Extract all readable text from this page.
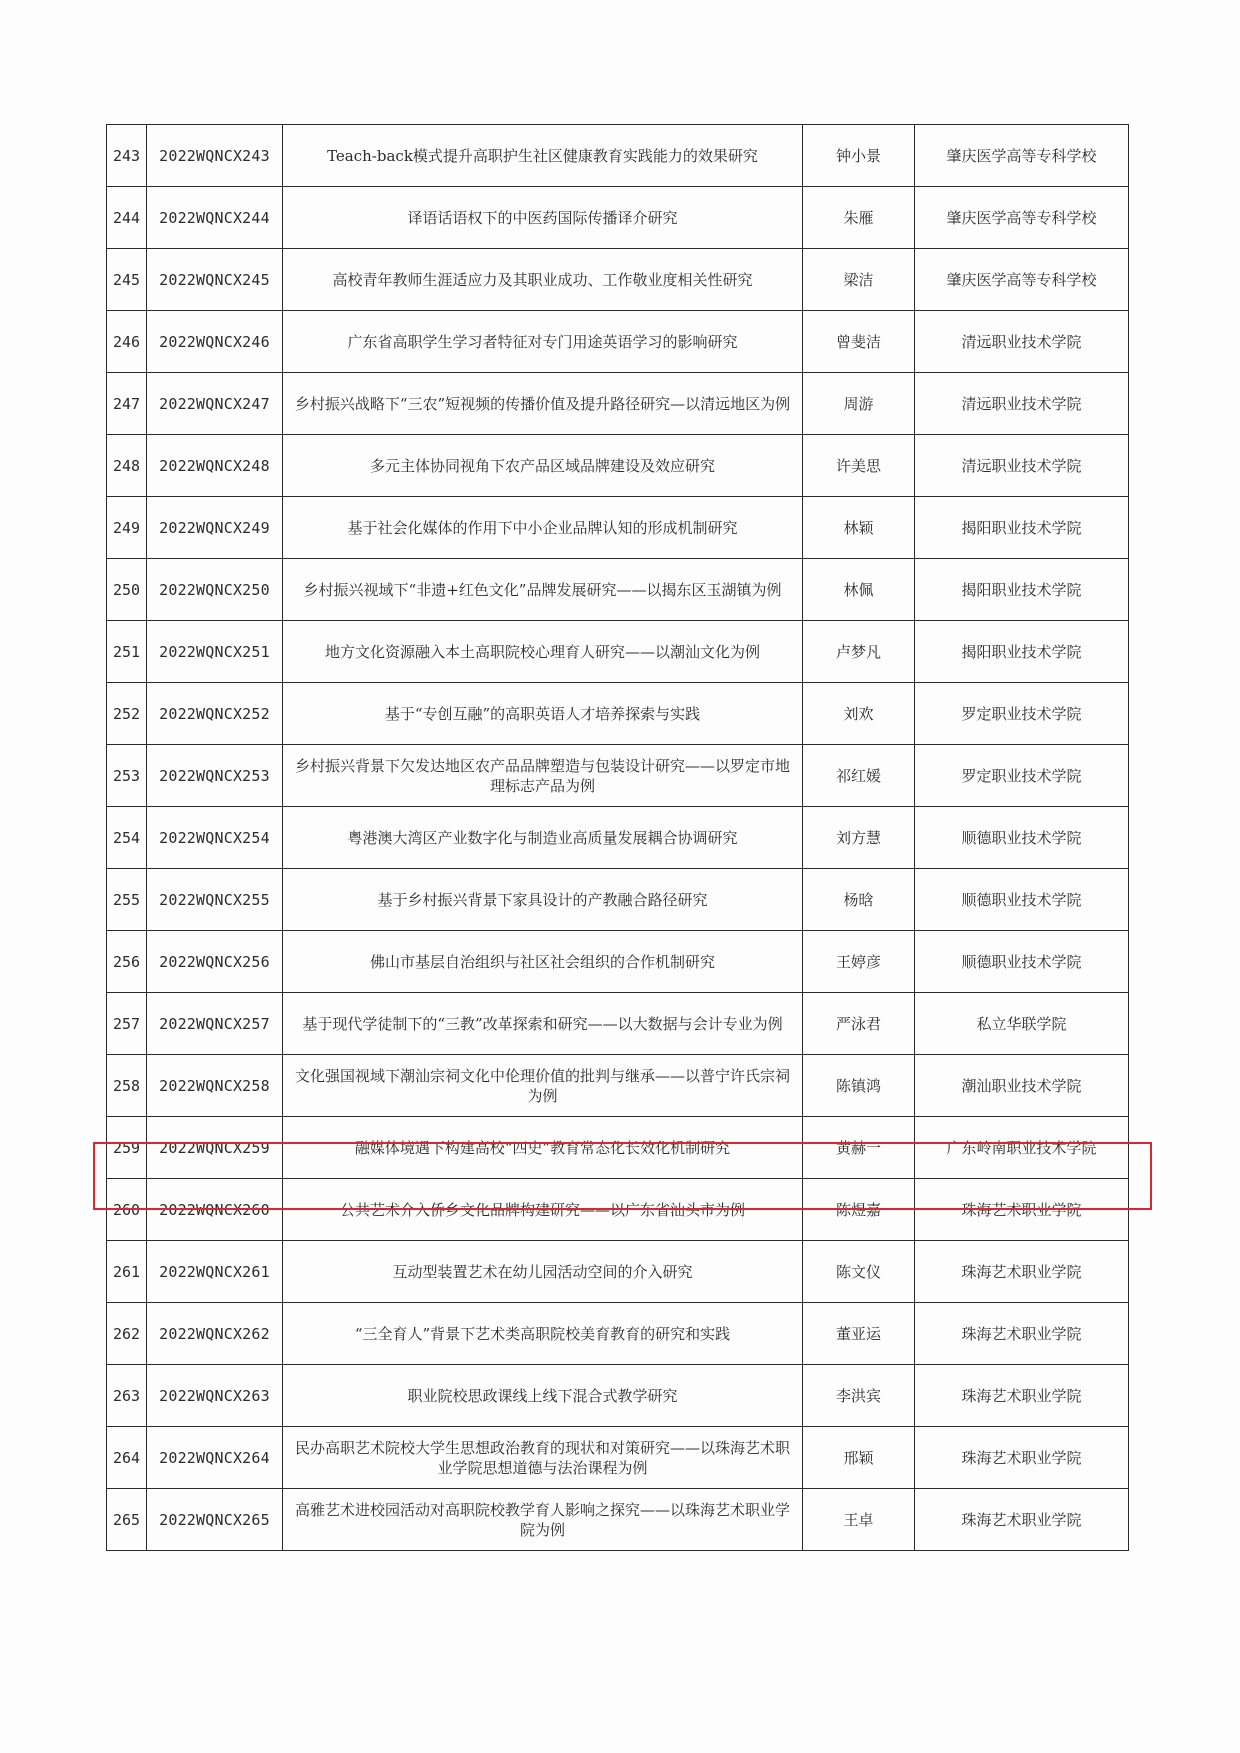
243	2022WQNCX243	Teach-back模式提升高职护生社区健康教育实践能力的效果研究	钟小景	肇庆医学高等专科学校
244	2022WQNCX244	译语话语权下的中医药国际传播译介研究	朱雁	肇庆医学高等专科学校
245	2022WQNCX245	高校青年教师生涯适应力及其职业成功、工作敬业度相关性研究	梁洁	肇庆医学高等专科学校
246	2022WQNCX246	广东省高职学生学习者特征对专门用途英语学习的影响研究	曾斐洁	清远职业技术学院
247	2022WQNCX247	乡村振兴战略下“三农”短视频的传播价值及提升路径研究—以清远地区为例	周游	清远职业技术学院
248	2022WQNCX248	多元主体协同视角下农产品区域品牌建设及效应研究	许美思	清远职业技术学院
249	2022WQNCX249	基于社会化媒体的作用下中小企业品牌认知的形成机制研究	林颖	揭阳职业技术学院
250	2022WQNCX250	乡村振兴视域下“非遗+红色文化”品牌发展研究——以揭东区玉湖镇为例	林佩	揭阳职业技术学院
251	2022WQNCX251	地方文化资源融入本土高职院校心理育人研究——以潮汕文化为例	卢梦凡	揭阳职业技术学院
252	2022WQNCX252	基于“专创互融”的高职英语人才培养探索与实践	刘欢	罗定职业技术学院
253	2022WQNCX253	乡村振兴背景下欠发达地区农产品品牌塑造与包装设计研究——以罗定市地理标志产品为例	祁红媛	罗定职业技术学院
254	2022WQNCX254	粤港澳大湾区产业数字化与制造业高质量发展耦合协调研究	刘方慧	顺德职业技术学院
255	2022WQNCX255	基于乡村振兴背景下家具设计的产教融合路径研究	杨晗	顺德职业技术学院
256	2022WQNCX256	佛山市基层自治组织与社区社会组织的合作机制研究	王婷彦	顺德职业技术学院
257	2022WQNCX257	基于现代学徒制下的“三教”改革探索和研究——以大数据与会计专业为例	严泳君	私立华联学院
258	2022WQNCX258	文化强国视域下潮汕宗祠文化中伦理价值的批判与继承——以普宁许氏宗祠为例	陈镇鸿	潮汕职业技术学院
259	2022WQNCX259	融媒体境遇下构建高校“四史”教育常态化长效化机制研究	黄赫一	广东岭南职业技术学院
260	2022WQNCX260	公共艺术介入侨乡文化品牌构建研究——以广东省汕头市为例	陈煜嘉	珠海艺术职业学院
261	2022WQNCX261	互动型装置艺术在幼儿园活动空间的介入研究	陈文仪	珠海艺术职业学院
262	2022WQNCX262	“三全育人”背景下艺术类高职院校美育教育的研究和实践	董亚运	珠海艺术职业学院
263	2022WQNCX263	职业院校思政课线上线下混合式教学研究	李洪宾	珠海艺术职业学院
264	2022WQNCX264	民办高职艺术院校大学生思想政治教育的现状和对策研究——以珠海艺术职业学院思想道德与法治课程为例	邢颖	珠海艺术职业学院
265	2022WQNCX265	高雅艺术进校园活动对高职院校教学育人影响之探究——以珠海艺术职业学院为例	王卓	珠海艺术职业学院
